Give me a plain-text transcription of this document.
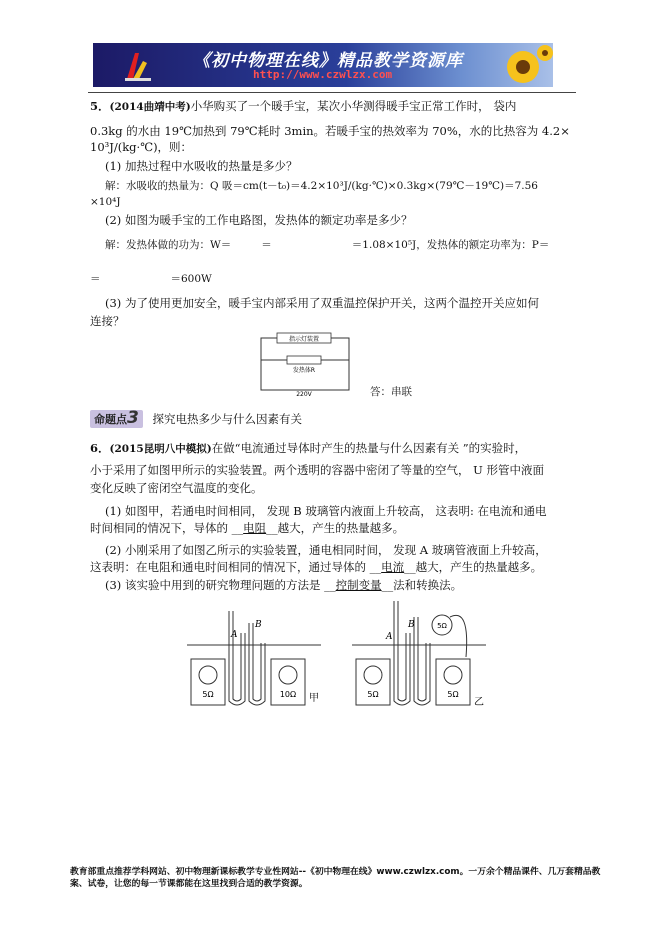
《初中物理在线》精品教学资源库
http://www.czwlzx.com
5．(2014曲靖中考)小华购买了一个暖手宝，某次小华测得暖手宝正常工作时， 袋内
0.3kg 的水由 19℃加热到 79℃耗时 3min。若暖手宝的热效率为 70%，水的比热容为 4.2×
10³J/(kg·℃)，则：
(1) 加热过程中水吸收的热量是多少？
解：水吸收的热量为：Q 吸＝cm(t－t₀)＝4.2×10³J/(kg·℃)×0.3kg×(79℃－19℃)＝7.56
×10⁴J
(2) 如图为暖手宝的工作电路图，发热体的额定功率是多少？
解：发热体做的功为：W＝	＝	＝1.08×10⁵J，发热体的额定功率为：P＝
＝	＝600W
(3) 为了使用更加安全，暖手宝内部采用了双重温控保护开关，这两个温控开关应如何
连接？
指示灯装置
发热体R
220V	答：串联
命题点3 探究电热多少与什么因素有关
6．(2015昆明八中模拟)在做“电流通过导体时产生的热量与什么因素有关 ”的实验时，
小于采用了如图甲所示的实验装置。两个透明的容器中密闭了等量的空气， U 形管中液面
变化反映了密闭空气温度的变化。
(1) 如图甲，若通电时间相同， 发现 B 玻璃管内液面上升较高， 这表明: 在电流和通电
时间相同的情况下，导体的 __电阻__越大，产生的热量越多。
(2) 小刚采用了如图乙所示的实验装置，通电相同时间， 发现 A 玻璃管液面上升较高，
这表明：在电阻和通电时间相同的情况下，通过导体的 __电流__越大，产生的热量越多。
(3) 该实验中用到的研究物理问题的方法是 __控制变量__法和转换法。
A
B
5Ω	10Ω 甲
A
B
5Ω	5Ω
5Ω
乙
教育部重点推荐学科网站、初中物理新课标教学专业性网站--《初中物理在线》www.czwlzx.com。一万余个精品课件、几万套精品教案、试卷，让您的每一节课都能在这里找到合适的教学资源。
